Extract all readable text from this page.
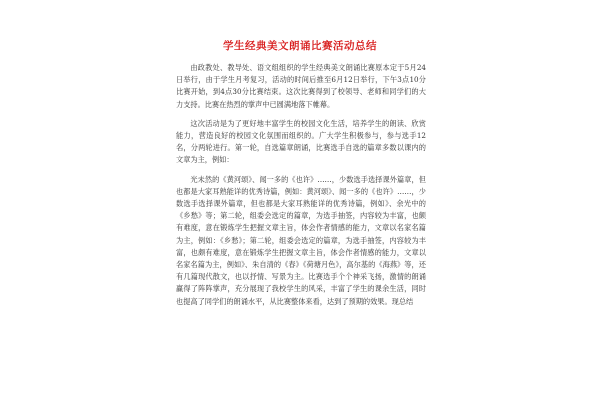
学生经典美文朗诵比赛活动总结

由政教处、教导处、语文组组织的学生经典美文朗诵比赛原本定于5月24日举行，由于学生月考复习，活动的时间后推至6月12日举行，下午3点10分比赛开始，到4点30分比赛结束。这次比赛得到了校领导、老师和同学们的大力支持。比赛在热烈的掌声中已圆满地落下帷幕。

这次活动是为了更好地丰富学生的校园文化生活，培养学生的朗读、欣赏能力，营造良好的校园文化氛围而组织的。广大学生积极参与，参与选手12名，分两轮进行。第一轮，自选篇章朗诵，比赛选手自选的篇章多数以课内的文章为主，例如：

光未然的《黄河颂》、闻一多的《也许》……，少数选手选择课外篇章，但也都是大家耳熟能详的优秀诗篇，例如：黄河颂》、闻一多的《也许》……，少数选手选择课外篇章，但也都是大家耳熟能详的优秀诗篇，例如》、余光中的《乡愁》等；第二轮，组委会选定的篇章，为选手抽签，内容较为丰富，也颇有难度，意在锻炼学生把握文章主旨，体会作者情感的能力，文章以名家名篇为主，例如：《乡愁》；第二轮，组委会选定的篇章，为选手抽签，内容较为丰富，也颇有难度，意在锻炼学生把握文章主旨，体会作者情感的能力，文章以名家名篇为主，例如》、朱自清的《春》《荷塘月色》，高尔基的《海燕》等，还有几篇现代散文，也以抒情、写景为主。比赛选手个个神采飞扬，激情的朗诵赢得了阵阵掌声，充分展现了我校学生的风采，丰富了学生的课余生活，同时也提高了同学们的朗诵水平，从比赛整体来看，达到了预期的效果。现总结
